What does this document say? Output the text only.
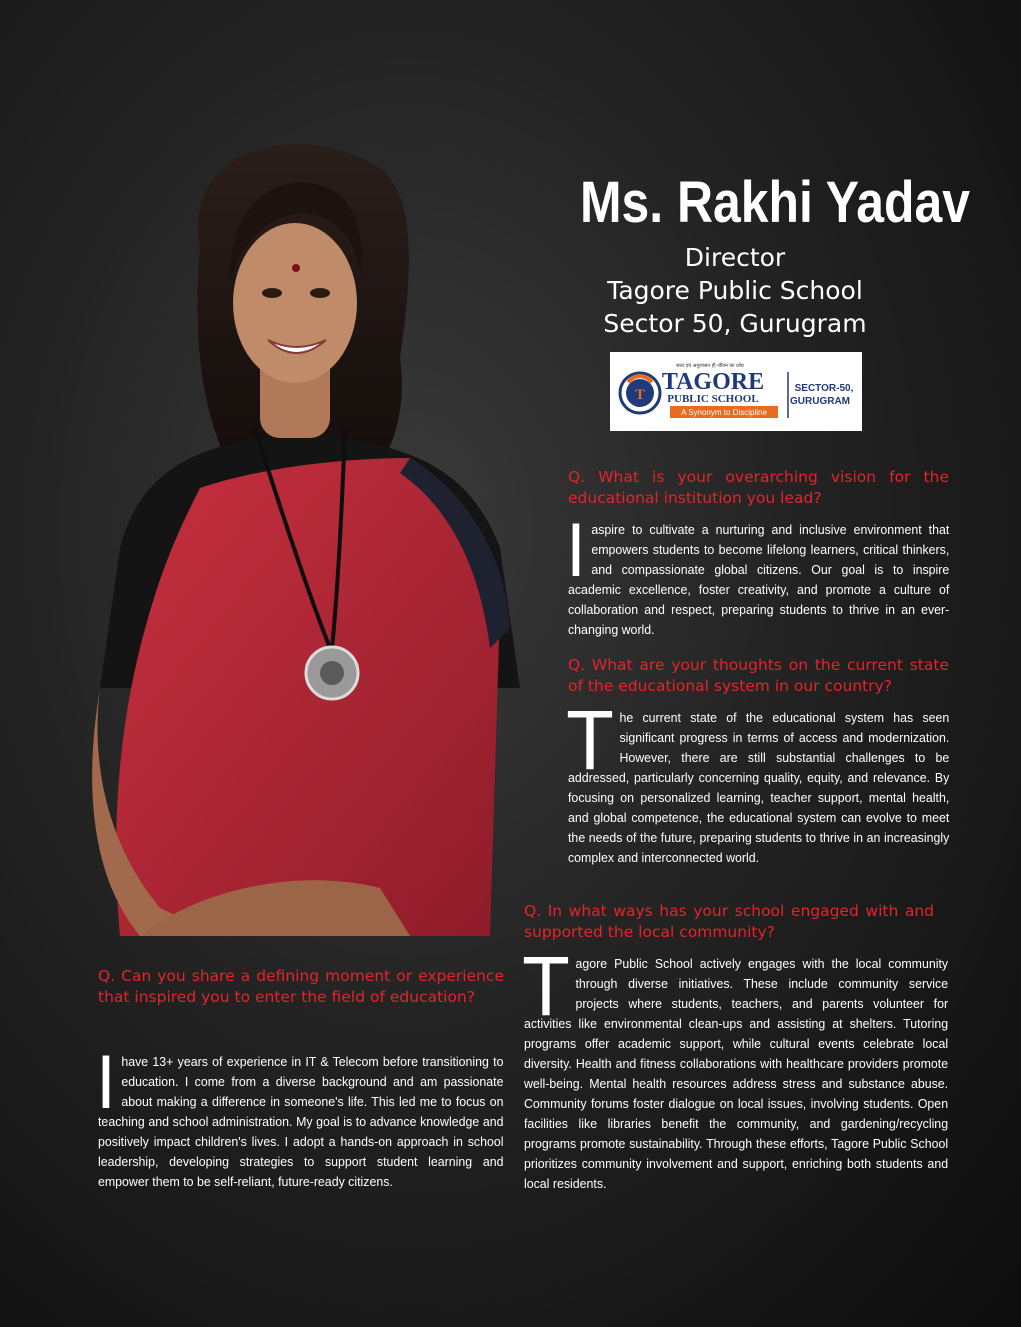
Ms. Rakhi Yadav
Director
Tagore Public School
Sector 50, Gurugram
T
सत्य एवं अनुशासन ही जीवन का ध्येय
TAGORE
PUBLIC SCHOOL
A Synonym to Discipline
SECTOR-50,
GURUGRAM
Q. What is your overarching vision for the educational institution you lead?
Iaspire to cultivate a nurturing and inclusive environment that empowers students to become lifelong learners, critical thinkers, and compassionate global citizens. Our goal is to inspire academic excellence, foster creativity, and promote a culture of collaboration and respect, preparing students to thrive in an ever-changing world.
Q. What are your thoughts on the current state of the educational system in our country?
The current state of the educational system has seen significant progress in terms of access and modernization. However, there are still substantial challenges to be addressed, particularly concerning quality, equity, and relevance. By focusing on personalized learning, teacher support, mental health, and global competence, the educational system can evolve to meet the needs of the future, preparing students to thrive in an increasingly complex and interconnected world.
Q. In what ways has your school engaged with and supported the local community?
Tagore Public School actively engages with the local community through diverse initiatives. These include community service projects where students, teachers, and parents volunteer for activities like environmental clean-ups and assisting at shelters. Tutoring programs offer academic support, while cultural events celebrate local diversity. Health and fitness collaborations with healthcare providers promote well-being. Mental health resources address stress and substance abuse. Community forums foster dialogue on local issues, involving students. Open facilities like libraries benefit the community, and gardening/recycling programs promote sustainability. Through these efforts, Tagore Public School prioritizes community involvement and support, enriching both students and local residents.
Q. Can you share a defining moment or experience that inspired you to enter the field of education?
Ihave 13+ years of experience in IT & Telecom before transitioning to education. I come from a diverse background and am passionate about making a difference in someone's life. This led me to focus on teaching and school administration. My goal is to advance knowledge and positively impact children's lives. I adopt a hands-on approach in school leadership, developing strategies to support student learning and empower them to be self-reliant, future-ready citizens.
